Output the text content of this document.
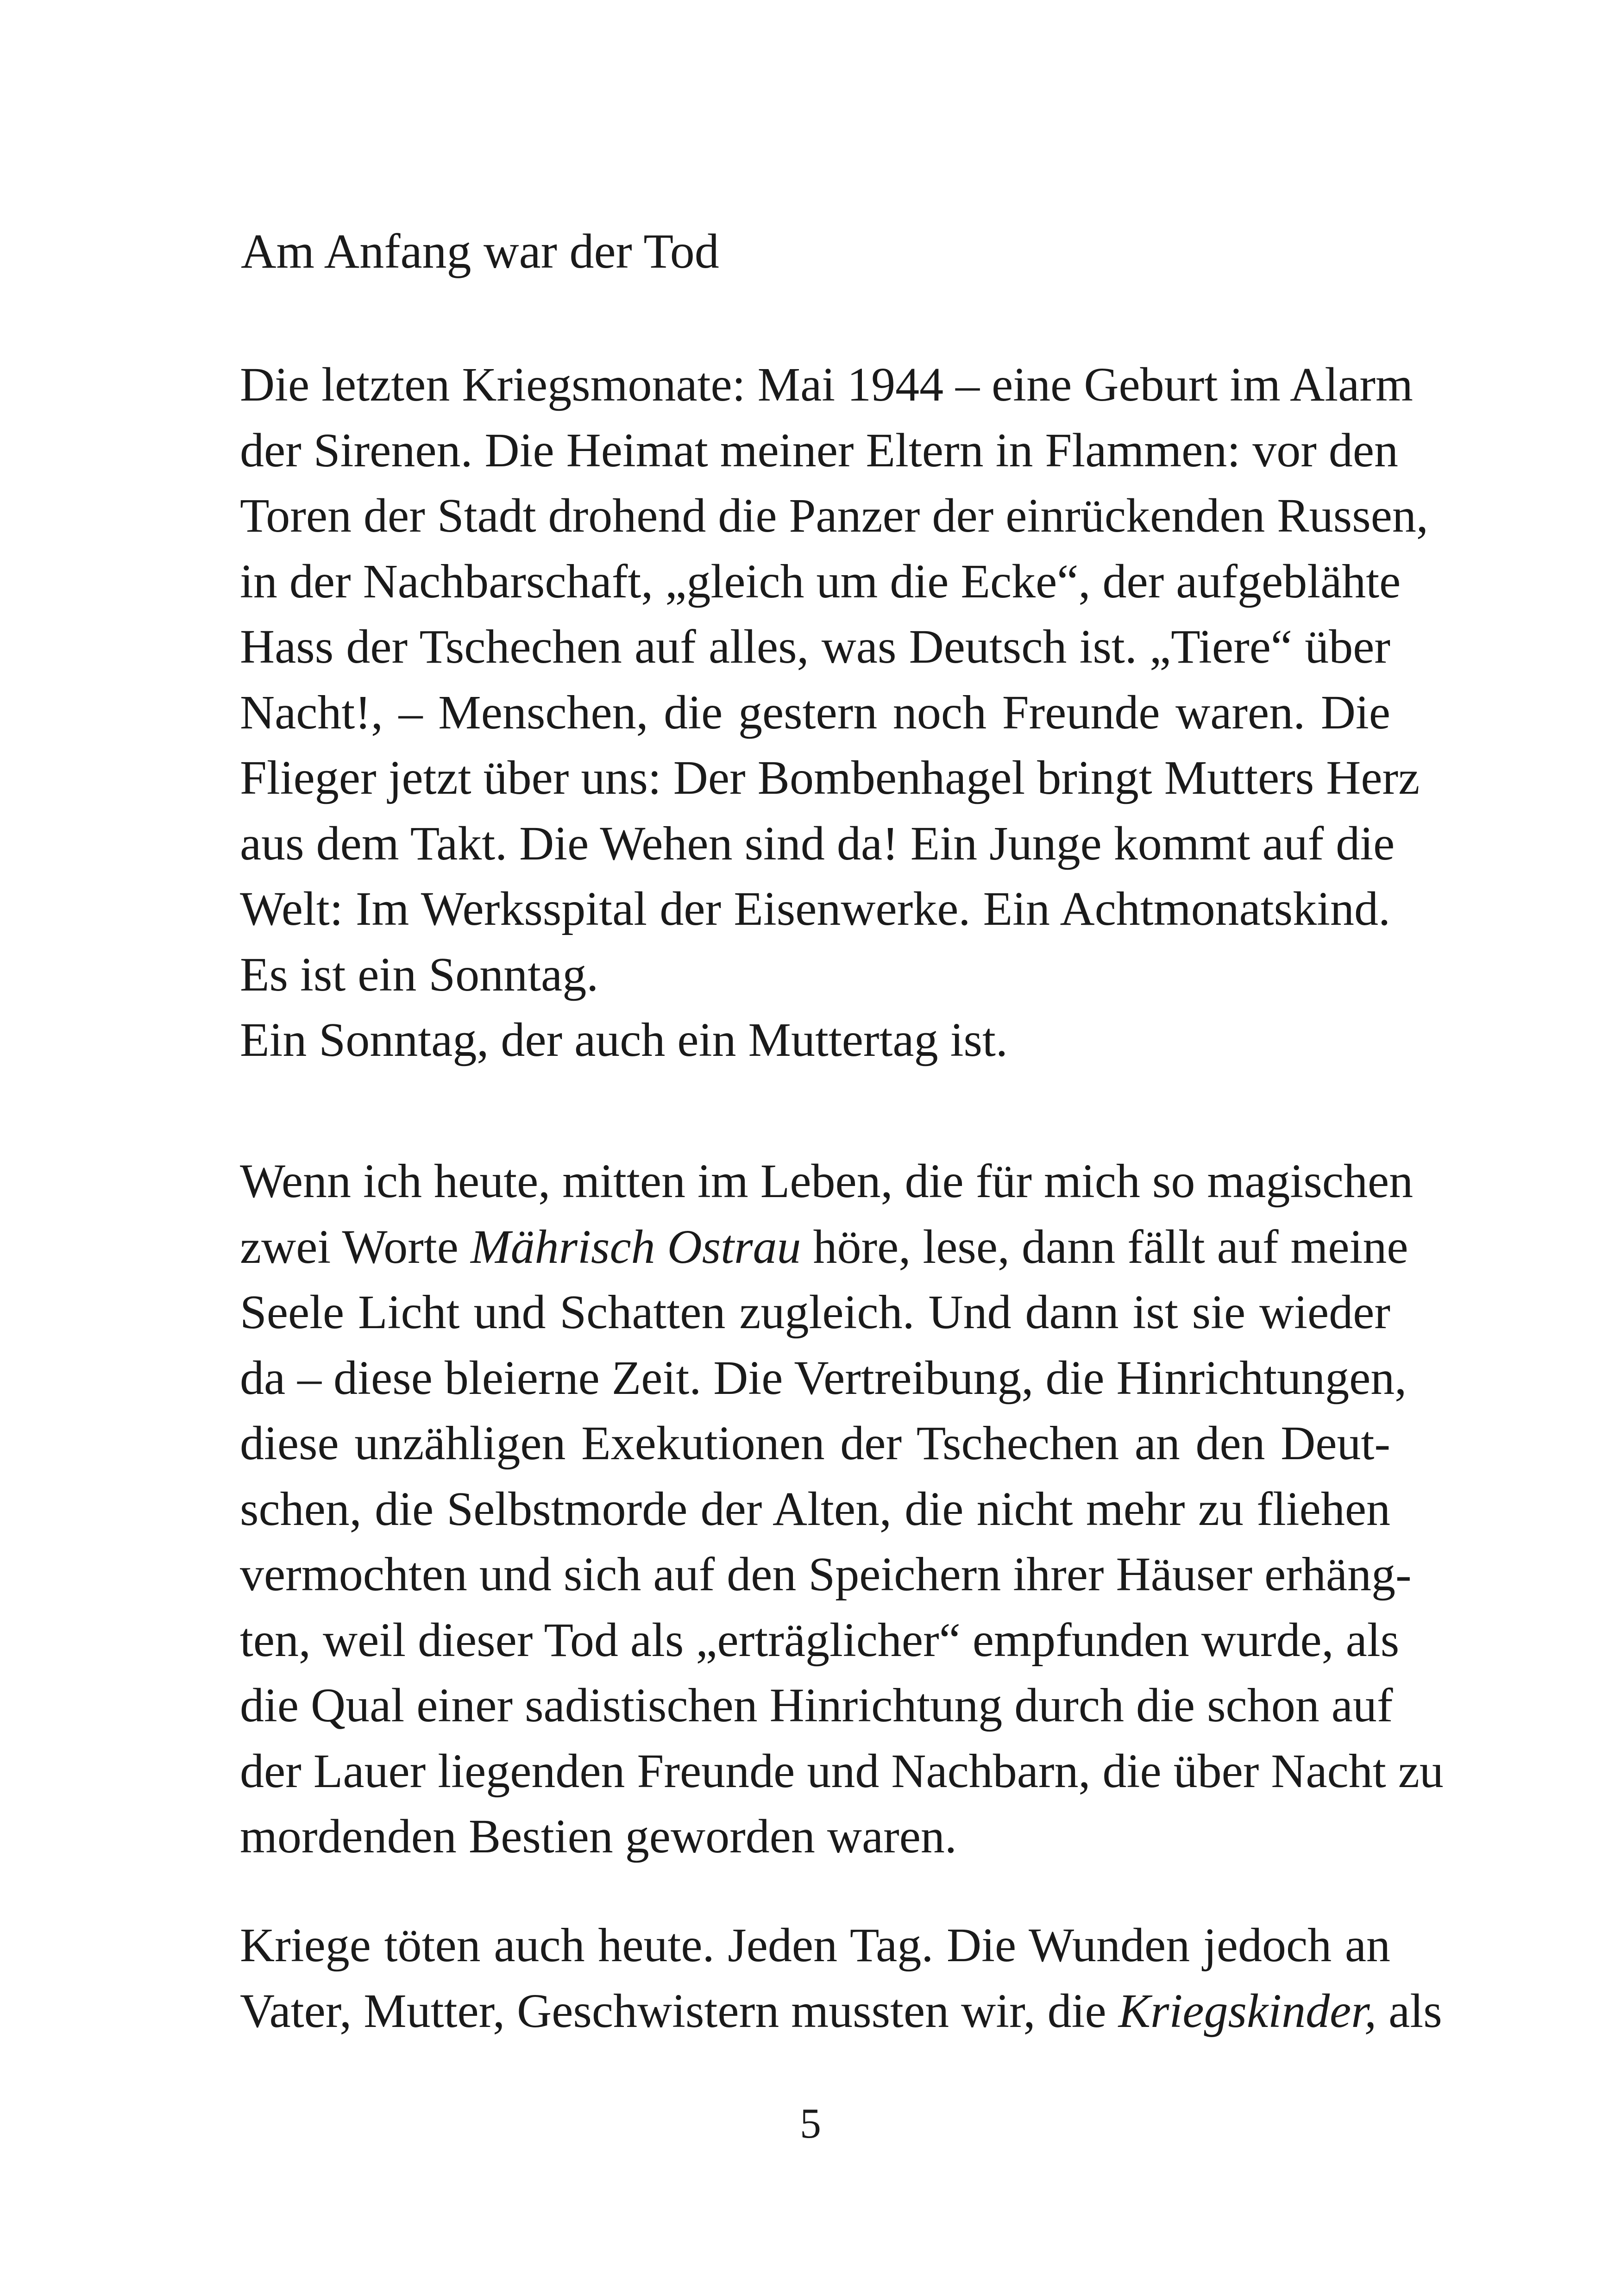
Am Anfang war der Tod
Die letzten Kriegsmonate: Mai 1944 – eine Geburt im Alarm
der Sirenen. Die Heimat meiner Eltern in Flammen: vor den
Toren der Stadt drohend die Panzer der einrückenden Russen,
in der Nachbarschaft, „gleich um die Ecke“, der aufgeblähte
Hass der Tschechen auf alles, was Deutsch ist. „Tiere“ über
Nacht!, – Menschen, die gestern noch Freunde waren. Die
Flieger jetzt über uns: Der Bombenhagel bringt Mutters Herz
aus dem Takt. Die Wehen sind da! Ein Junge kommt auf die
Welt: Im Werksspital der Eisenwerke. Ein Achtmonatskind.
Es ist ein Sonntag.
Ein Sonntag, der auch ein Muttertag ist.
Wenn ich heute, mitten im Leben, die für mich so magischen
zwei Worte Mährisch Ostrau höre, lese, dann fällt auf meine
Seele Licht und Schatten zugleich. Und dann ist sie wieder
da – diese bleierne Zeit. Die Vertreibung, die Hinrichtungen,
diese unzähligen Exekutionen der Tschechen an den Deut-
schen, die Selbstmorde der Alten, die nicht mehr zu fliehen
vermochten und sich auf den Speichern ihrer Häuser erhäng-
ten, weil dieser Tod als „erträglicher“ empfunden wurde, als
die Qual einer sadistischen Hinrichtung durch die schon auf
der Lauer liegenden Freunde und Nachbarn, die über Nacht zu
mordenden Bestien geworden waren.
Kriege töten auch heute. Jeden Tag. Die Wunden jedoch an
Vater, Mutter, Geschwistern mussten wir, die Kriegskinder, als
5
